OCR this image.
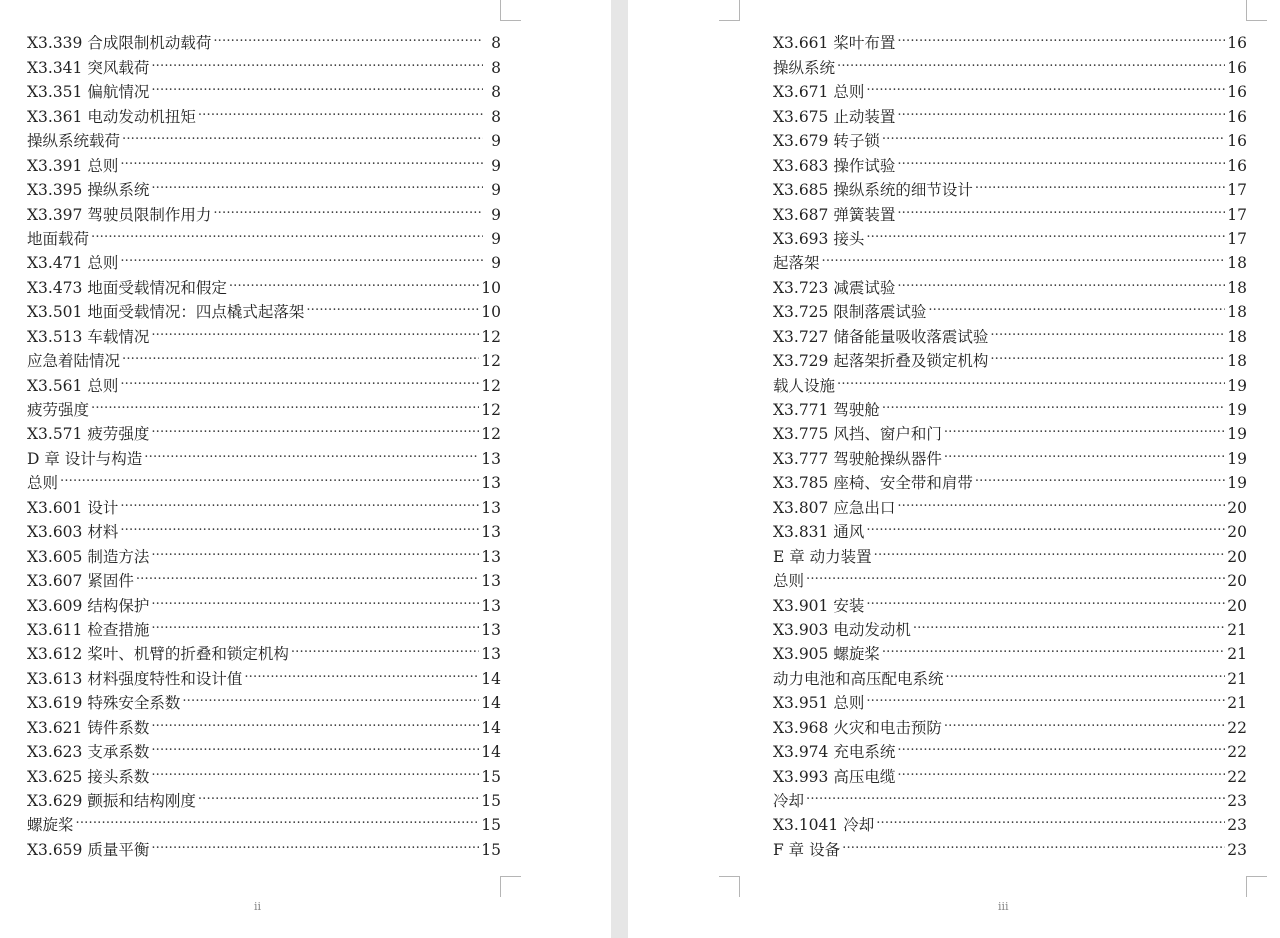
X3.339 合成限制机动载荷 .....	8
X3.341 突风载荷 .....	8
X3.351 偏航情况 .....	8
X3.361 电动发动机扭矩 .....	8
操纵系统载荷 .....	9
X3.391 总则 .....	9
X3.395 操纵系统 .....	9
X3.397 驾驶员限制作用力 .....	9
地面载荷 .....	9
X3.471 总则 .....	9
X3.473 地面受载情况和假定 .....	10
X3.501 地面受载情况：四点橇式起落架 .....	10
X3.513 车载情况 .....	12
应急着陆情况 .....	12
X3.561 总则 .....	12
疲劳强度 .....	12
X3.571 疲劳强度 .....	12
D 章 设计与构造 .....	13
总则 .....	13
X3.601 设计 .....	13
X3.603 材料 .....	13
X3.605 制造方法 .....	13
X3.607 紧固件 .....	13
X3.609 结构保护 .....	13
X3.611 检查措施 .....	13
X3.612 桨叶、机臂的折叠和锁定机构 .....	13
X3.613 材料强度特性和设计值 .....	14
X3.619 特殊安全系数 .....	14
X3.621 铸件系数 .....	14
X3.623 支承系数 .....	14
X3.625 接头系数 .....	15
X3.629 颤振和结构刚度 .....	15
螺旋桨 .....	15
X3.659 质量平衡 .....	15
ii
X3.661 桨叶布置 .....	16
操纵系统 .....	16
X3.671 总则 .....	16
X3.675 止动装置 .....	16
X3.679 转子锁 .....	16
X3.683 操作试验 .....	16
X3.685 操纵系统的细节设计 .....	17
X3.687 弹簧装置 .....	17
X3.693 接头 .....	17
起落架 .....	18
X3.723 减震试验 .....	18
X3.725 限制落震试验 .....	18
X3.727 储备能量吸收落震试验 .....	18
X3.729 起落架折叠及锁定机构 .....	18
载人设施 .....	19
X3.771 驾驶舱 .....	19
X3.775 风挡、窗户和门 .....	19
X3.777 驾驶舱操纵器件 .....	19
X3.785 座椅、安全带和肩带 .....	19
X3.807 应急出口 .....	20
X3.831 通风 .....	20
E 章 动力装置 .....	20
总则 .....	20
X3.901 安装 .....	20
X3.903 电动发动机 .....	21
X3.905 螺旋桨 .....	21
动力电池和高压配电系统 .....	21
X3.951 总则 .....	21
X3.968 火灾和电击预防 .....	22
X3.974 充电系统 .....	22
X3.993 高压电缆 .....	22
冷却 .....	23
X3.1041 冷却 .....	23
F 章 设备 .....	23
iii
